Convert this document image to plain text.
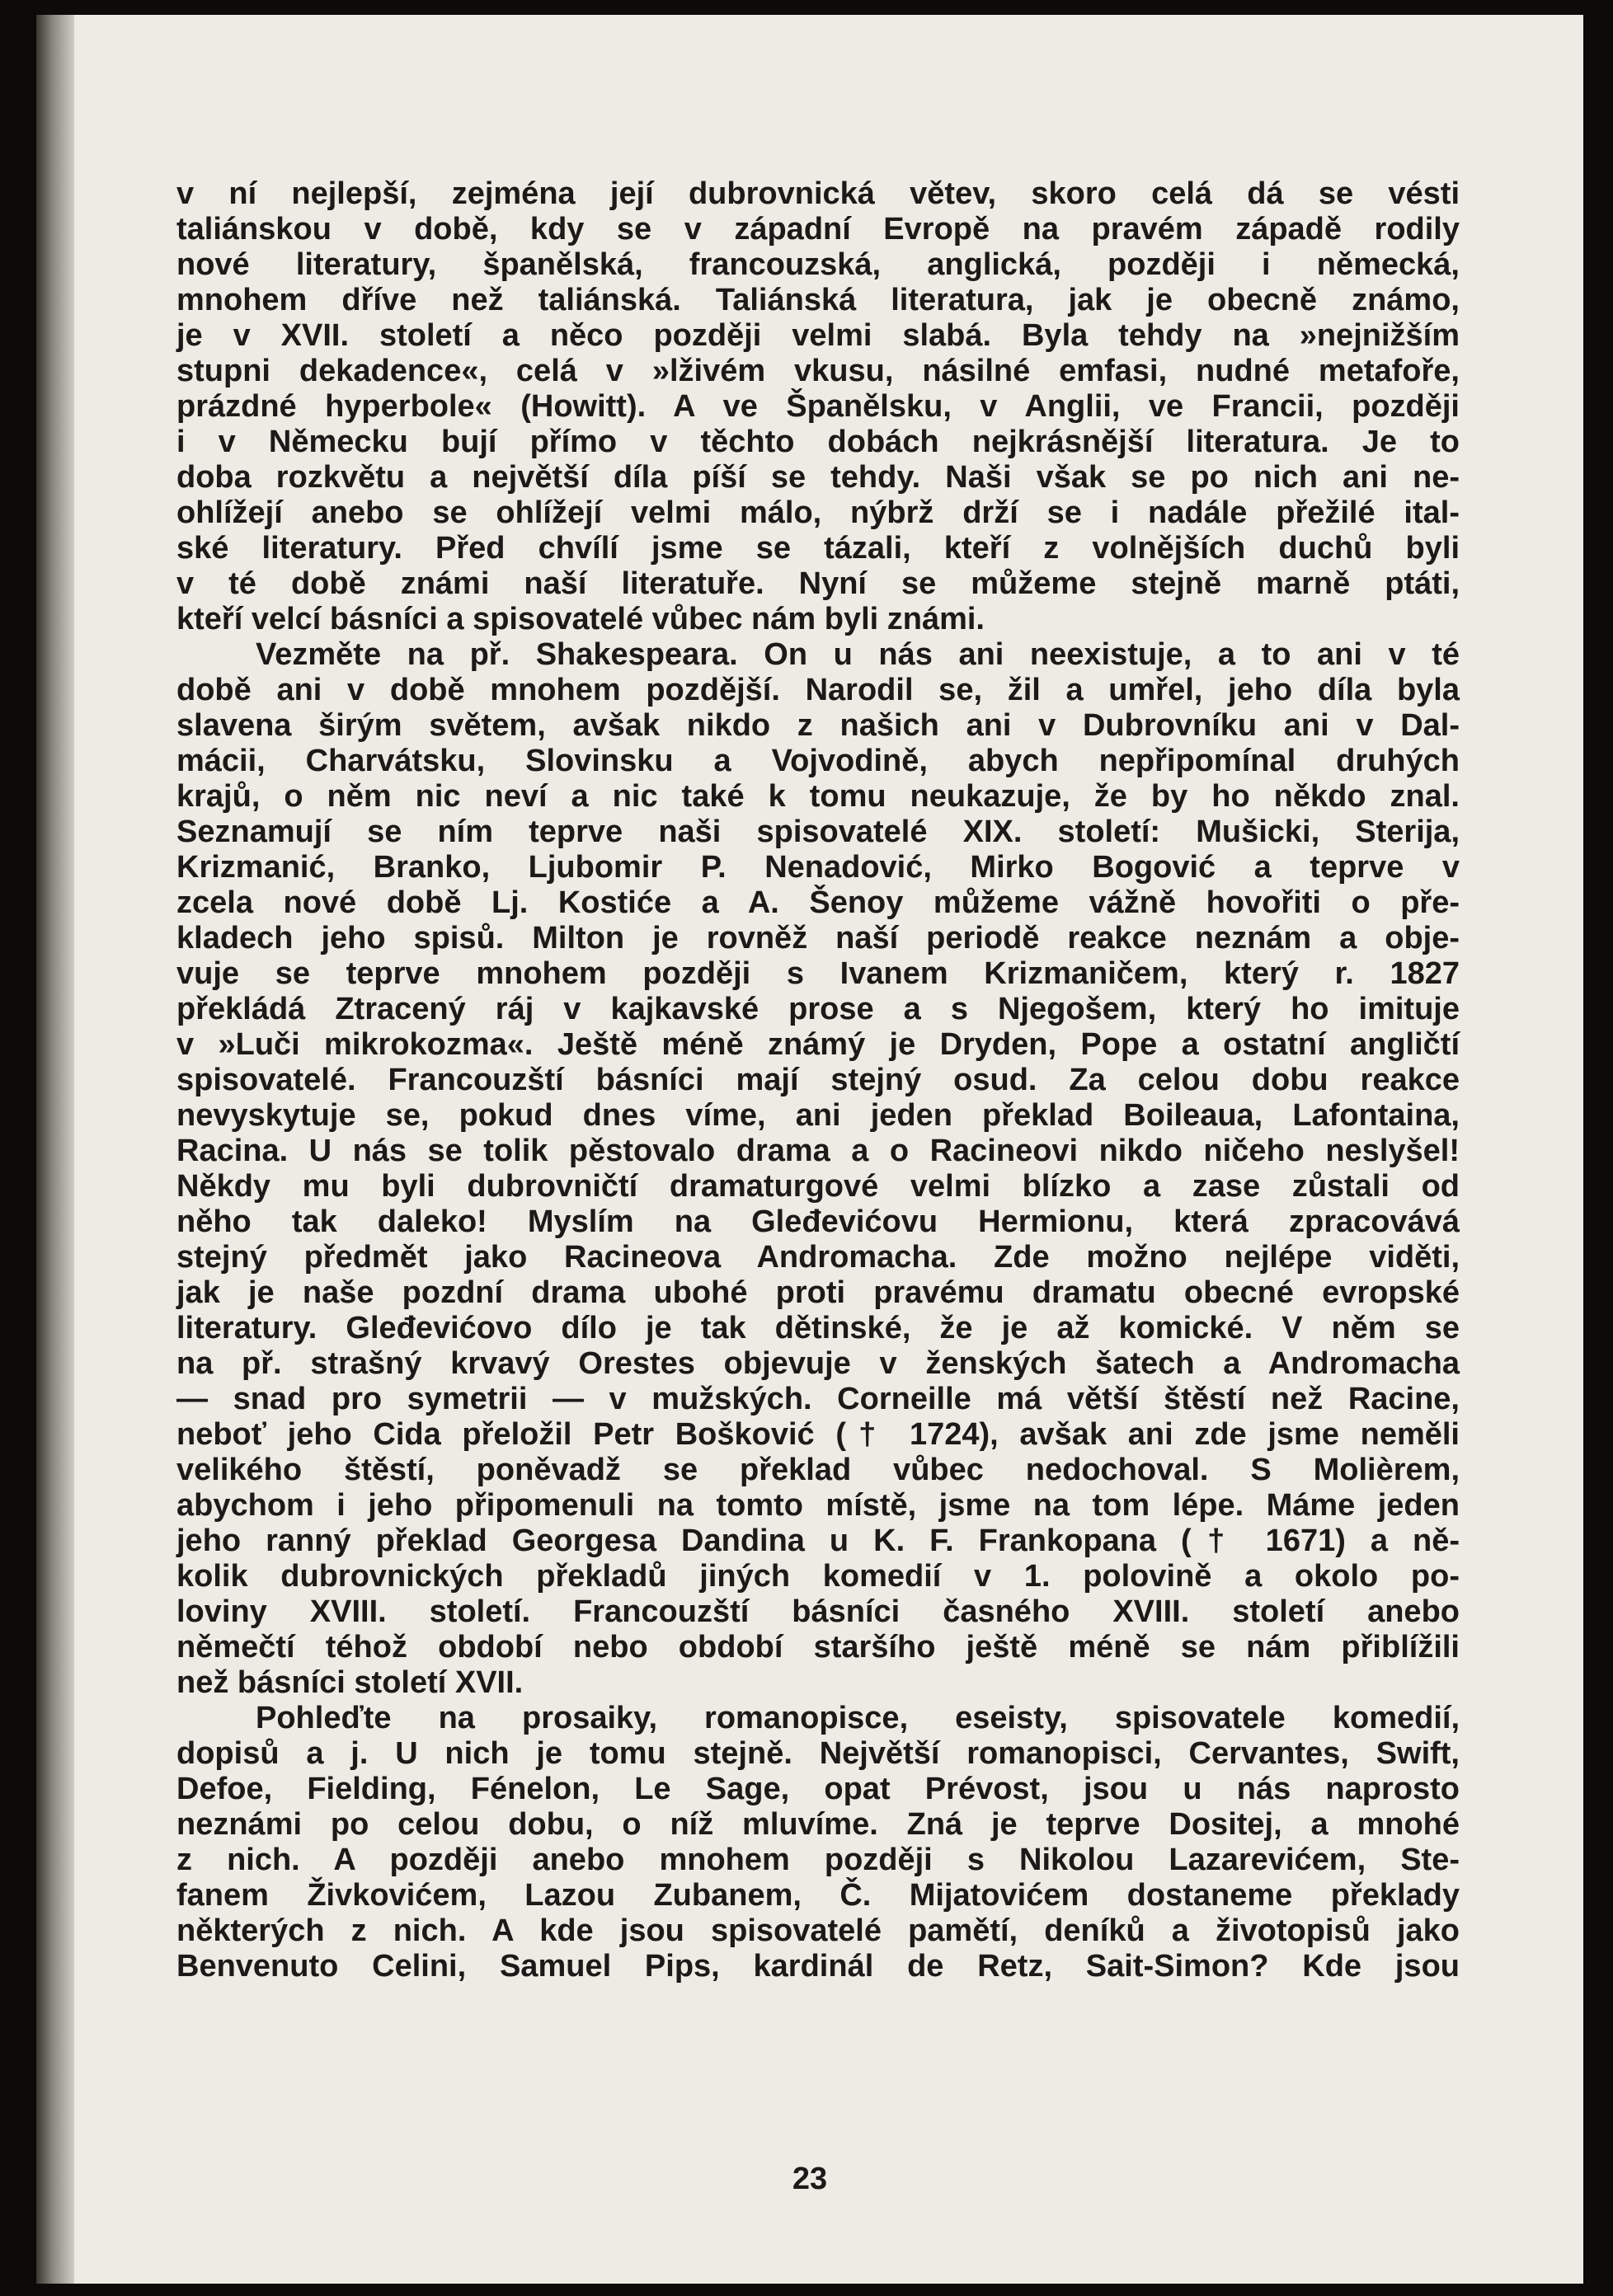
v ní nejlepší, zejména její dubrovnická větev, skoro celá dá se vésti
taliánskou v době, kdy se v západní Evropě na pravém západě rodily
nové literatury, španělská, francouzská, anglická, později i německá,
mnohem dříve než taliánská. Taliánská literatura, jak je obecně známo,
je v XVII. století a něco později velmi slabá. Byla tehdy na »nejnižším
stupni dekadence«, celá v »lživém vkusu, násilné emfasi, nudné metafoře,
prázdné hyperbole« (Howitt). A ve Španělsku, v Anglii, ve Francii, později
i v Německu bují přímo v těchto dobách nejkrásnější literatura. Je to
doba rozkvětu a největší díla píší se tehdy. Naši však se po nich ani ne-
ohlížejí anebo se ohlížejí velmi málo, nýbrž drží se i nadále přežilé ital-
ské literatury. Před chvílí jsme se tázali, kteří z volnějších duchů byli
v té době známi naší literatuře. Nyní se můžeme stejně marně ptáti,
kteří velcí básníci a spisovatelé vůbec nám byli známi.
Vezměte na př. Shakespeara. On u nás ani neexistuje, a to ani v té
době ani v době mnohem pozdější. Narodil se, žil a umřel, jeho díla byla
slavena širým světem, avšak nikdo z našich ani v Dubrovníku ani v Dal-
mácii, Charvátsku, Slovinsku a Vojvodině, abych nepřipomínal druhých
krajů, o něm nic neví a nic také k tomu neukazuje, že by ho někdo znal.
Seznamují se ním teprve naši spisovatelé XIX. století: Mušicki, Sterija,
Krizmanić, Branko, Ljubomir P. Nenadović, Mirko Bogović a teprve v
zcela nové době Lj. Kostiće a A. Šenoy můžeme vážně hovořiti o pře-
kladech jeho spisů. Milton je rovněž naší periodě reakce neznám a obje-
vuje se teprve mnohem později s Ivanem Krizmaničem, který r. 1827
překládá Ztracený ráj v kajkavské prose a s Njegošem, který ho imituje
v »Luči mikrokozma«. Ještě méně známý je Dryden, Pope a ostatní angličtí
spisovatelé. Francouzští básníci mají stejný osud. Za celou dobu reakce
nevyskytuje se, pokud dnes víme, ani jeden překlad Boileaua, Lafontaina,
Racina. U nás se tolik pěstovalo drama a o Racineovi nikdo ničeho neslyšel!
Někdy mu byli dubrovničtí dramaturgové velmi blízko a zase zůstali od
něho tak daleko! Myslím na Gleđevićovu Hermionu, která zpracovává
stejný předmět jako Racineova Andromacha. Zde možno nejlépe viděti,
jak je naše pozdní drama ubohé proti pravému dramatu obecné evropské
literatury. Gleđevićovo dílo je tak dětinské, že je až komické. V něm se
na př. strašný krvavý Orestes objevuje v ženských šatech a Andromacha
— snad pro symetrii — v mužských. Corneille má větší štěstí než Racine,
neboť jeho Cida přeložil Petr Bošković († 1724), avšak ani zde jsme neměli
velikého štěstí, poněvadž se překlad vůbec nedochoval. S Molièrem,
abychom i jeho připomenuli na tomto místě, jsme na tom lépe. Máme jeden
jeho ranný překlad Georgesa Dandina u K. F. Frankopana († 1671) a ně-
kolik dubrovnických překladů jiných komedií v 1. polovině a okolo po-
loviny XVIII. století. Francouzští básníci časného XVIII. století anebo
němečtí téhož období nebo období staršího ještě méně se nám přiblížili
než básníci století XVII.
Pohleďte na prosaiky, romanopisce, eseisty, spisovatele komedií,
dopisů a j. U nich je tomu stejně. Největší romanopisci, Cervantes, Swift,
Defoe, Fielding, Fénelon, Le Sage, opat Prévost, jsou u nás naprosto
neznámi po celou dobu, o níž mluvíme. Zná je teprve Dositej, a mnohé
z nich. A později anebo mnohem později s Nikolou Lazarevićem, Ste-
fanem Živkovićem, Lazou Zubanem, Č. Mijatovićem dostaneme překlady
některých z nich. A kde jsou spisovatelé pamětí, deníků a životopisů jako
Benvenuto Celini, Samuel Pips, kardinál de Retz, Sait-Simon? Kde jsou
23
